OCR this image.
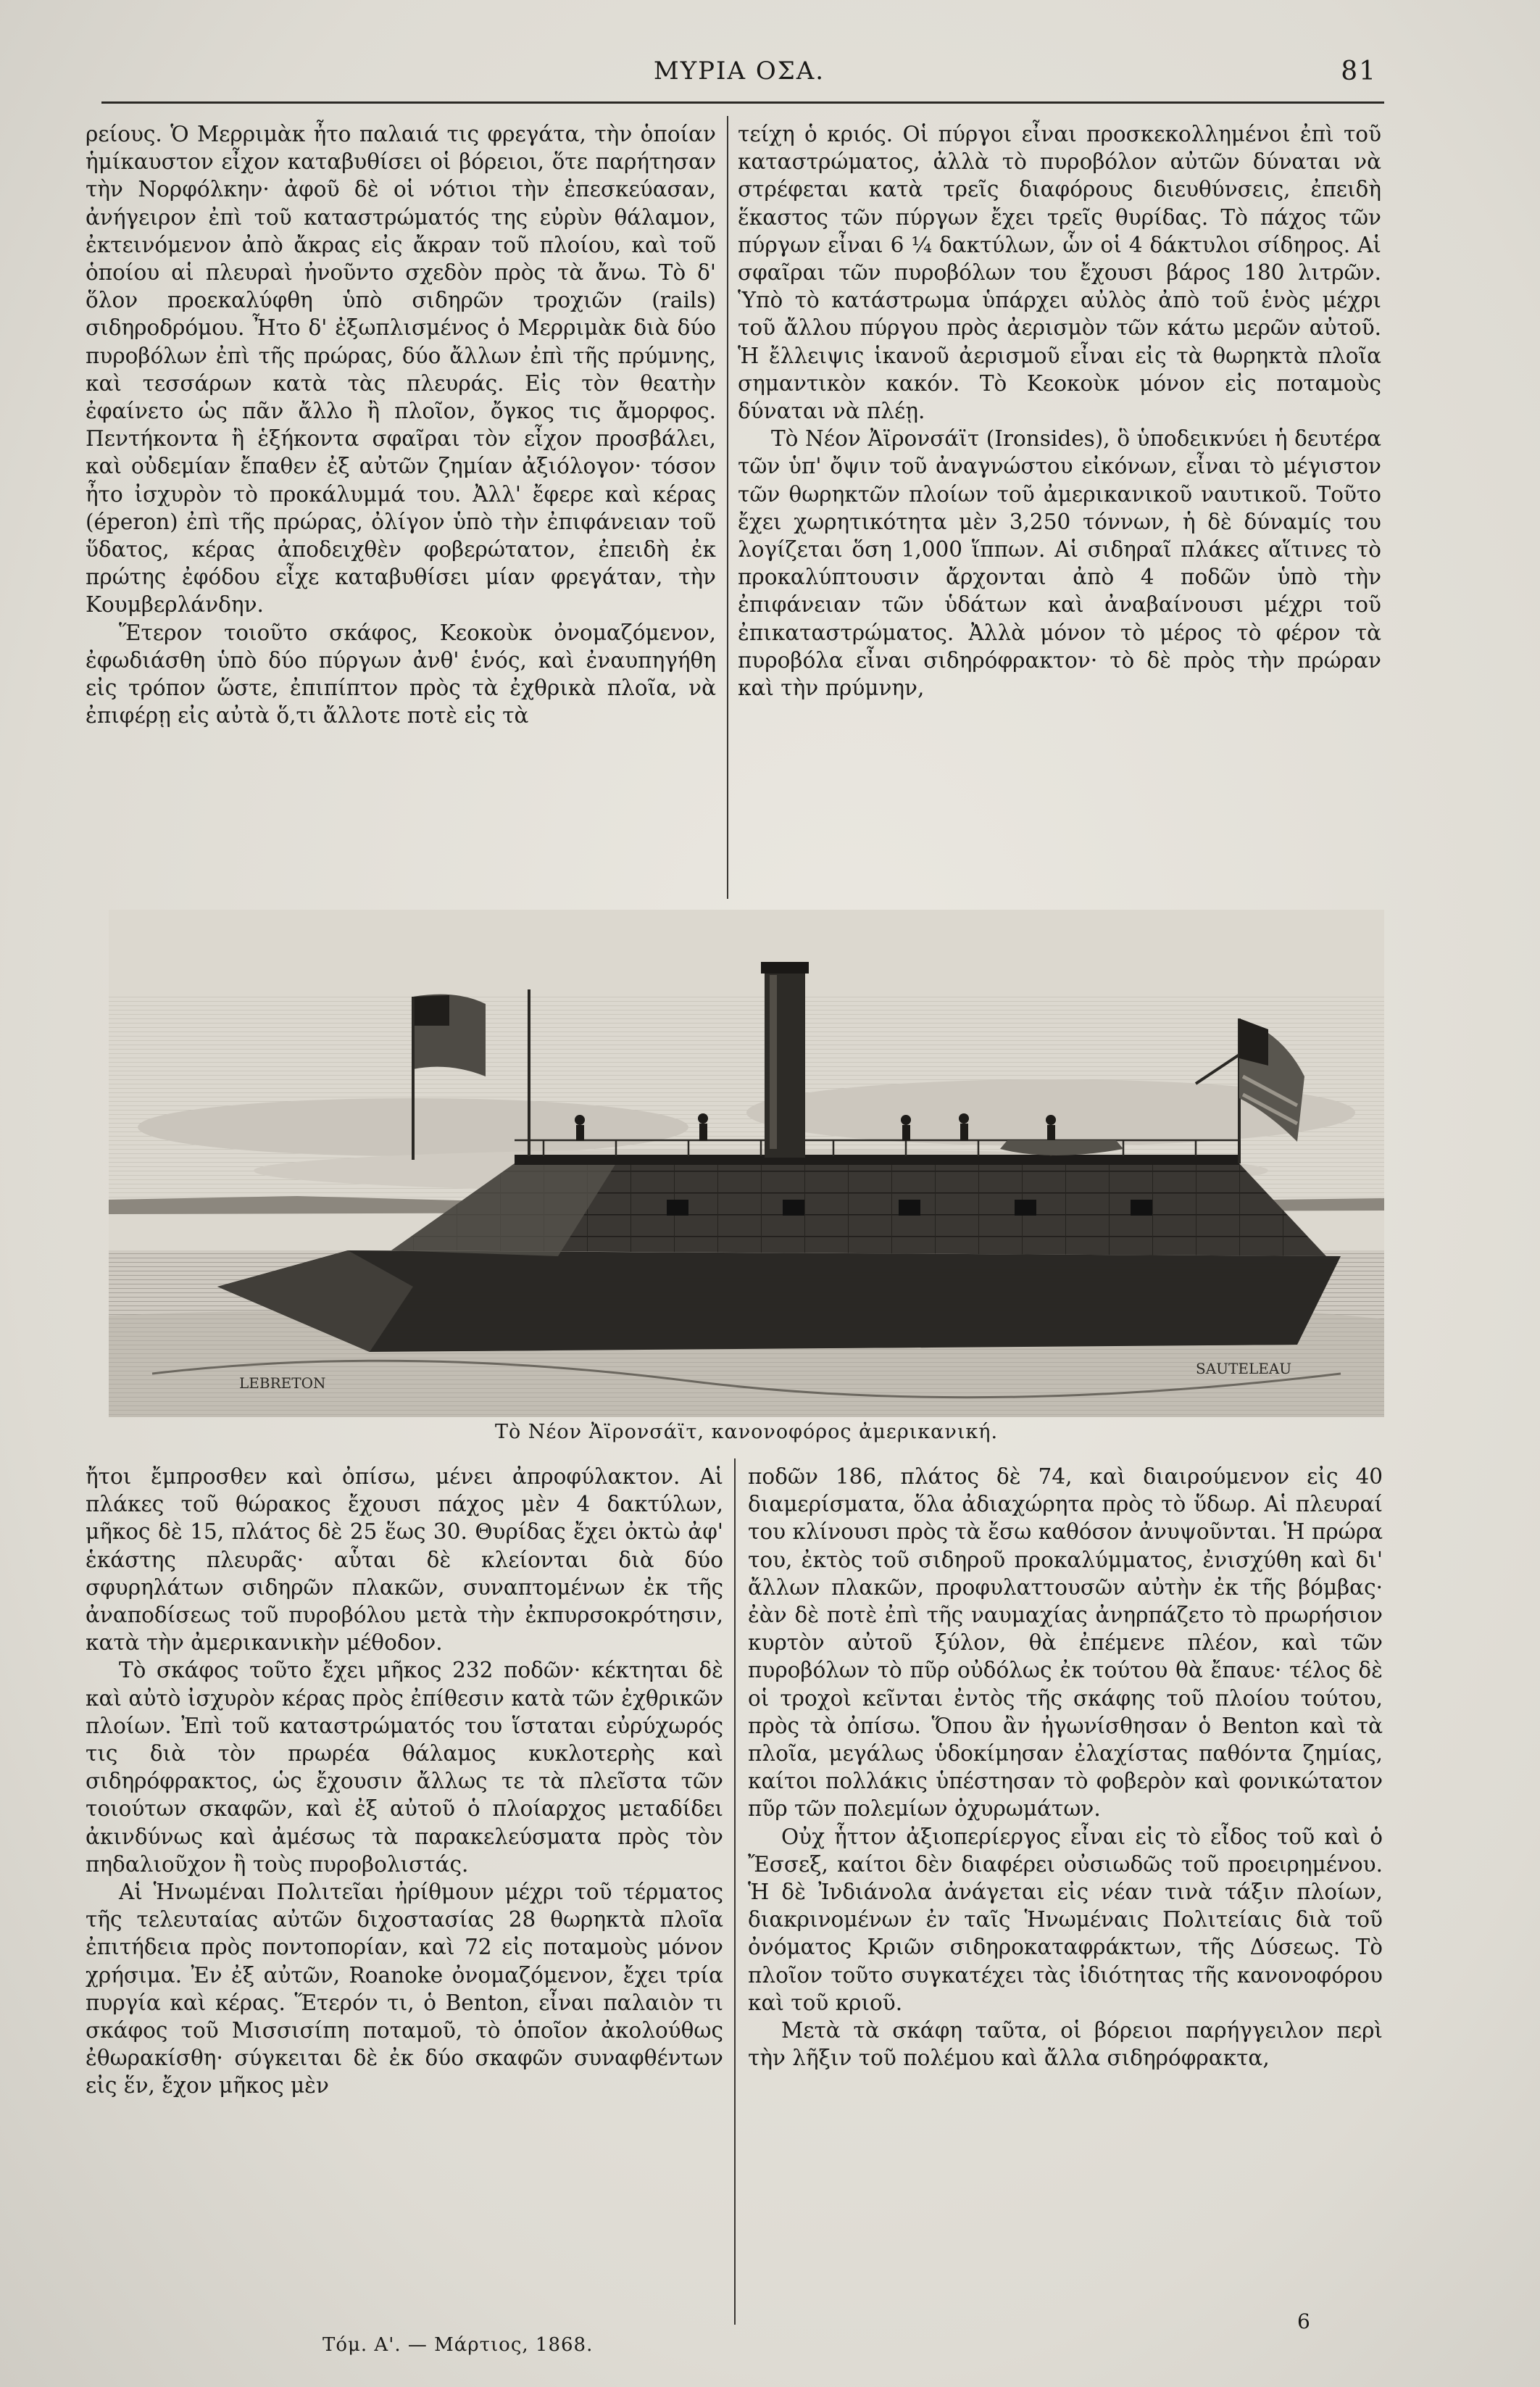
ΜΥΡΙΑ ΟΣΑ.	81

ρείους. Ὁ Μερριμὰκ ἦτο παλαιά τις φρεγάτα, τὴν ὁποίαν ἡμίκαυστον εἶχον καταβυθίσει οἱ βόρειοι, ὅτε παρήτησαν τὴν Νορφόλκην· ἀφοῦ δὲ οἱ νότιοι τὴν ἐπεσκεύασαν, ἀνήγειρον ἐπὶ τοῦ καταστρώματός της εὐρὺν θάλαμον, ἐκτεινόμενον ἀπὸ ἄκρας εἰς ἄκραν τοῦ πλοίου, καὶ τοῦ ὁποίου αἱ πλευραὶ ἠνοῦντο σχεδὸν πρὸς τὰ ἄνω. Τὸ δ' ὅλον προεκαλύφθη ὑπὸ σιδηρῶν τροχιῶν (rails) σιδηροδρόμου. Ἦτο δ' ἐξωπλισμένος ὁ Μερριμὰκ διὰ δύο πυροβόλων ἐπὶ τῆς πρώρας, δύο ἄλλων ἐπὶ τῆς πρύμνης, καὶ τεσσάρων κατὰ τὰς πλευράς. Εἰς τὸν θεατὴν ἐφαίνετο ὡς πᾶν ἄλλο ἢ πλοῖον, ὄγκος τις ἄμορφος. Πεντήκοντα ἢ ἑξήκοντα σφαῖραι τὸν εἶχον προσβάλει, καὶ οὐδεμίαν ἔπαθεν ἐξ αὐτῶν ζημίαν ἀξιόλογον· τόσον ἦτο ἰσχυρὸν τὸ προκάλυμμά του. Ἀλλ' ἔφερε καὶ κέρας (éperon) ἐπὶ τῆς πρώρας, ὀλίγον ὑπὸ τὴν ἐπιφάνειαν τοῦ ὕδατος, κέρας ἀποδειχθὲν φοβερώτατον, ἐπειδὴ ἐκ πρώτης ἐφόδου εἶχε καταβυθίσει μίαν φρεγάταν, τὴν Κουμβερλάνδην.

Ἕτερον τοιοῦτο σκάφος, Κεοκοὺκ ὀνομαζόμενον, ἐφωδιάσθη ὑπὸ δύο πύργων ἀνθ' ἑνός, καὶ ἐναυπηγήθη εἰς τρόπον ὥστε, ἐπιπίπτον πρὸς τὰ ἐχθρικὰ πλοῖα, νὰ ἐπιφέρῃ εἰς αὐτὰ ὅ,τι ἄλλοτε ποτὲ εἰς τὰ

τείχη ὁ κριός. Οἱ πύργοι εἶναι προσκεκολλημένοι ἐπὶ τοῦ καταστρώματος, ἀλλὰ τὸ πυροβόλον αὐτῶν δύναται νὰ στρέφεται κατὰ τρεῖς διαφόρους διευθύνσεις, ἐπειδὴ ἕκαστος τῶν πύργων ἔχει τρεῖς θυρίδας. Τὸ πάχος τῶν πύργων εἶναι 6 ¼ δακτύλων, ὧν οἱ 4 δάκτυλοι σίδηρος. Αἱ σφαῖραι τῶν πυροβόλων του ἔχουσι βάρος 180 λιτρῶν. Ὑπὸ τὸ κατάστρωμα ὑπάρχει αὐλὸς ἀπὸ τοῦ ἑνὸς μέχρι τοῦ ἄλλου πύργου πρὸς ἀερισμὸν τῶν κάτω μερῶν αὐτοῦ. Ἡ ἔλλειψις ἱκανοῦ ἀερισμοῦ εἶναι εἰς τὰ θωρηκτὰ πλοῖα σημαντικὸν κακόν. Τὸ Κεοκοὺκ μόνον εἰς ποταμοὺς δύναται νὰ πλέῃ.

Τὸ Νέον Ἀϊρονσάϊτ (Ironsides), ὃ ὑποδεικνύει ἡ δευτέρα τῶν ὑπ' ὄψιν τοῦ ἀναγνώστου εἰκόνων, εἶναι τὸ μέγιστον τῶν θωρηκτῶν πλοίων τοῦ ἀμερικανικοῦ ναυτικοῦ. Τοῦτο ἔχει χωρητικότητα μὲν 3,250 τόννων, ἡ δὲ δύναμίς του λογίζεται ὅση 1,000 ἵππων. Αἱ σιδηραῖ πλάκες αἵτινες τὸ προκαλύπτουσιν ἄρχονται ἀπὸ 4 ποδῶν ὑπὸ τὴν ἐπιφάνειαν τῶν ὑδάτων καὶ ἀναβαίνουσι μέχρι τοῦ ἐπικαταστρώματος. Ἀλλὰ μόνον τὸ μέρος τὸ φέρον τὰ πυροβόλα εἶναι σιδηρόφρακτον· τὸ δὲ πρὸς τὴν πρώραν καὶ τὴν πρύμνην,

LEBRETON
SAUTELEAU
Τὸ Νέον Ἀϊρονσάϊτ, κανονοφόρος ἀμερικανική.

ἤτοι ἔμπροσθεν καὶ ὀπίσω, μένει ἀπροφύλακτον. Αἱ πλάκες τοῦ θώρακος ἔχουσι πάχος μὲν 4 δακτύλων, μῆκος δὲ 15, πλάτος δὲ 25 ἕως 30. Θυρίδας ἔχει ὀκτὼ ἀφ' ἑκάστης πλευρᾶς· αὗται δὲ κλείονται διὰ δύο σφυρηλάτων σιδηρῶν πλακῶν, συναπτομένων ἐκ τῆς ἀναποδίσεως τοῦ πυροβόλου μετὰ τὴν ἐκπυρσοκρότησιν, κατὰ τὴν ἀμερικανικὴν μέθοδον.

Τὸ σκάφος τοῦτο ἔχει μῆκος 232 ποδῶν· κέκτηται δὲ καὶ αὐτὸ ἰσχυρὸν κέρας πρὸς ἐπίθεσιν κατὰ τῶν ἐχθρικῶν πλοίων. Ἐπὶ τοῦ καταστρώματός του ἵσταται εὐρύχωρός τις διὰ τὸν πρωρέα θάλαμος κυκλοτερὴς καὶ σιδηρόφρακτος, ὡς ἔχουσιν ἄλλως τε τὰ πλεῖστα τῶν τοιούτων σκαφῶν, καὶ ἐξ αὐτοῦ ὁ πλοίαρχος μεταδίδει ἀκινδύνως καὶ ἀμέσως τὰ παρακελεύσματα πρὸς τὸν πηδαλιοῦχον ἢ τοὺς πυροβολιστάς.

Αἱ Ἡνωμέναι Πολιτεῖαι ἠρίθμουν μέχρι τοῦ τέρματος τῆς τελευταίας αὐτῶν διχοστασίας 28 θωρηκτὰ πλοῖα ἐπιτήδεια πρὸς ποντοπορίαν, καὶ 72 εἰς ποταμοὺς μόνον χρήσιμα. Ἐν ἐξ αὐτῶν, Roanoke ὀνομαζόμενον, ἔχει τρία πυργία καὶ κέρας. Ἕτερόν τι, ὁ Benton, εἶναι παλαιὸν τι σκάφος τοῦ Μισσισίπη ποταμοῦ, τὸ ὁποῖον ἀκολούθως ἐθωρακίσθη· σύγκειται δὲ ἐκ δύο σκαφῶν συναφθέντων εἰς ἕν, ἔχον μῆκος μὲν

ποδῶν 186, πλάτος δὲ 74, καὶ διαιρούμενον εἰς 40 διαμερίσματα, ὅλα ἀδιαχώρητα πρὸς τὸ ὕδωρ. Αἱ πλευραί του κλίνουσι πρὸς τὰ ἔσω καθόσον ἀνυψοῦνται. Ἡ πρώρα του, ἐκτὸς τοῦ σιδηροῦ προκαλύμματος, ἐνισχύθη καὶ δι' ἄλλων πλακῶν, προφυλαττουσῶν αὐτὴν ἐκ τῆς βόμβας· ἐὰν δὲ ποτὲ ἐπὶ τῆς ναυμαχίας ἀνηρπάζετο τὸ πρωρήσιον κυρτὸν αὐτοῦ ξύλον, θὰ ἐπέμενε πλέον, καὶ τῶν πυροβόλων τὸ πῦρ οὐδόλως ἐκ τούτου θὰ ἔπαυε· τέλος δὲ οἱ τροχοὶ κεῖνται ἐντὸς τῆς σκάφης τοῦ πλοίου τούτου, πρὸς τὰ ὀπίσω. Ὅπου ἂν ἠγωνίσθησαν ὁ Benton καὶ τὰ πλοῖα, μεγάλως ὑδοκίμησαν ἐλαχίστας παθόντα ζημίας, καίτοι πολλάκις ὑπέστησαν τὸ φοβερὸν καὶ φονικώτατον πῦρ τῶν πολεμίων ὀχυρωμάτων.

Οὐχ ἧττον ἀξιοπερίεργος εἶναι εἰς τὸ εἶδος τοῦ καὶ ὁ Ἔσσεξ, καίτοι δὲν διαφέρει οὐσιωδῶς τοῦ προειρημένου. Ἡ δὲ Ἰνδιάνολα ἀνάγεται εἰς νέαν τινὰ τάξιν πλοίων, διακρινομένων ἐν ταῖς Ἡνωμέναις Πολιτείαις διὰ τοῦ ὀνόματος Κριῶν σιδηροκαταφράκτων, τῆς Δύσεως. Τὸ πλοῖον τοῦτο συγκατέχει τὰς ἰδιότητας τῆς κανονοφόρου καὶ τοῦ κριοῦ.

Μετὰ τὰ σκάφη ταῦτα, οἱ βόρειοι παρήγγειλον περὶ τὴν λῆξιν τοῦ πολέμου καὶ ἄλλα σιδηρόφρακτα,

Τόμ. Α'. — Μάρτιος, 1868.
6
